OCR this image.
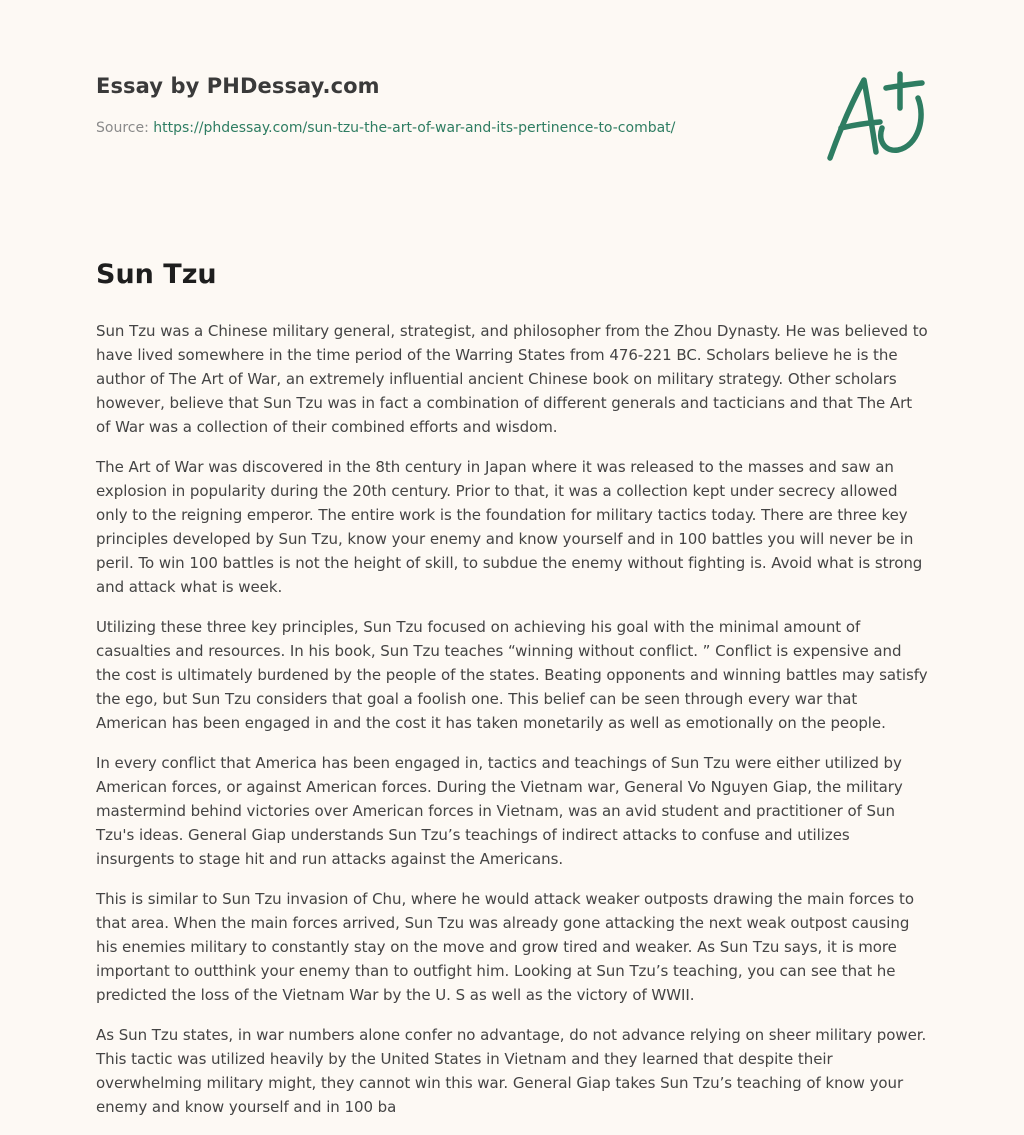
Essay by PHDessay.com
Source: https://phdessay.com/sun-tzu-the-art-of-war-and-its-pertinence-to-combat/
Sun Tzu

Sun Tzu was a Chinese military general, strategist, and philosopher from the Zhou Dynasty. He was believed to have lived somewhere in the time period of the Warring States from 476-221 BC. Scholars believe he is the author of The Art of War, an extremely influential ancient Chinese book on military strategy. Other scholars however, believe that Sun Tzu was in fact a combination of different generals and tacticians and that The Art of War was a collection of their combined efforts and wisdom.

The Art of War was discovered in the 8th century in Japan where it was released to the masses and saw an explosion in popularity during the 20th century. Prior to that, it was a collection kept under secrecy allowed only to the reigning emperor. The entire work is the foundation for military tactics today. There are three key principles developed by Sun Tzu, know your enemy and know yourself and in 100 battles you will never be in peril. To win 100 battles is not the height of skill, to subdue the enemy without fighting is. Avoid what is strong and attack what is week.

Utilizing these three key principles, Sun Tzu focused on achieving his goal with the minimal amount of casualties and resources. In his book, Sun Tzu teaches “winning without conflict. ” Conflict is expensive and the cost is ultimately burdened by the people of the states. Beating opponents and winning battles may satisfy the ego, but Sun Tzu considers that goal a foolish one. This belief can be seen through every war that American has been engaged in and the cost it has taken monetarily as well as emotionally on the people.

In every conflict that America has been engaged in, tactics and teachings of Sun Tzu were either utilized by American forces, or against American forces. During the Vietnam war, General Vo Nguyen Giap, the military mastermind behind victories over American forces in Vietnam, was an avid student and practitioner of Sun Tzu's ideas. General Giap understands Sun Tzu’s teachings of indirect attacks to confuse and utilizes insurgents to stage hit and run attacks against the Americans.

This is similar to Sun Tzu invasion of Chu, where he would attack weaker outposts drawing the main forces to that area. When the main forces arrived, Sun Tzu was already gone attacking the next weak outpost causing his enemies military to constantly stay on the move and grow tired and weaker. As Sun Tzu says, it is more important to outthink your enemy than to outfight him. Looking at Sun Tzu’s teaching, you can see that he predicted the loss of the Vietnam War by the U. S as well as the victory of WWII.

As Sun Tzu states, in war numbers alone confer no advantage, do not advance relying on sheer military power. This tactic was utilized heavily by the United States in Vietnam and they learned that despite their overwhelming military might, they cannot win this war. General Giap takes Sun Tzu’s teaching of know your enemy and know yourself and in 100 ba
